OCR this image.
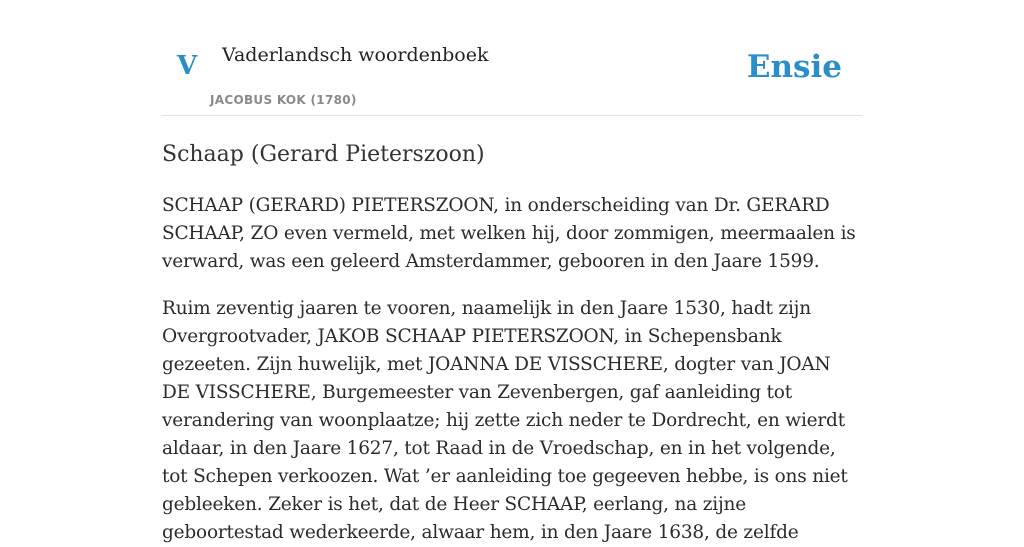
V Vaderlandsch woordenboek
JACOBUS KOK (1780)
Ensie
Schaap (Gerard Pieterszoon)

SCHAAP (GERARD) PIETERSZOON, in onderscheiding van Dr. GERARD SCHAAP, ZO even vermeld, met welken hij, door zommigen, meermaalen is verward, was een geleerd Amsterdammer, gebooren in den Jaare 1599.

Ruim zeventig jaaren te vooren, naamelijk in den Jaare 1530, hadt zijn Overgrootvader, JAKOB SCHAAP PIETERSZOON, in Schepensbank gezeeten. Zijn huwelijk, met JOANNA DE VISSCHERE, dogter van JOAN DE VISSCHERE, Burgemeester van Zevenbergen, gaf aanleiding tot verandering van woonplaatze; hij zette zich neder te Dordrecht, en wierdt aldaar, in den Jaare 1627, tot Raad in de Vroedschap, en in het volgende, tot Schepen verkoozen. Wat ’er aanleiding toe gegeeven hebbe, is ons niet gebleeken. Zeker is het, dat de Heer SCHAAP, eerlang, na zijne geboortestad wederkeerde, alwaar hem, in den Jaare 1638, de zelfde
